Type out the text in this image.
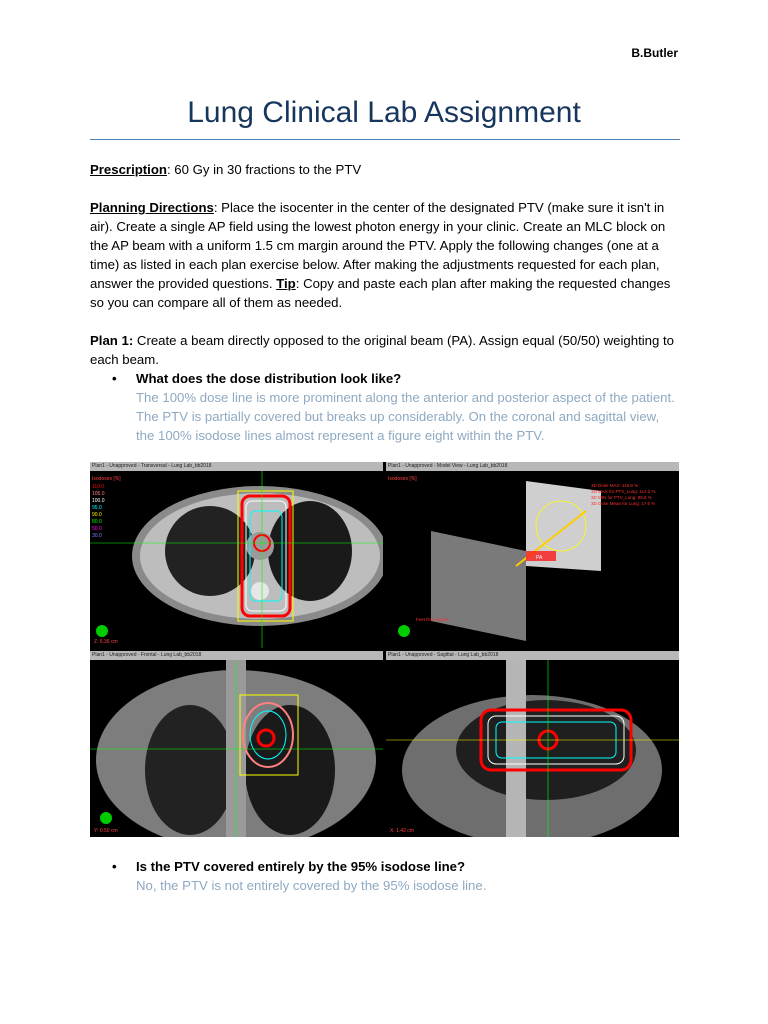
B.Butler
Lung Clinical Lab Assignment

Prescription: 60 Gy in 30 fractions to the PTV

Planning Directions: Place the isocenter in the center of the designated PTV (make sure it isn't in air). Create a single AP field using the lowest photon energy in your clinic. Create an MLC block on the AP beam with a uniform 1.5 cm margin around the PTV. Apply the following changes (one at a time) as listed in each plan exercise below. After making the adjustments requested for each plan, answer the provided questions. Tip: Copy and paste each plan after making the requested changes so you can compare all of them as needed.

Plan 1: Create a beam directly opposed to the original beam (PA). Assign equal (50/50) weighting to each beam.

• What does the dose distribution look like?
The 100% dose line is more prominent along the anterior and posterior aspect of the patient. The PTV is partially covered but breaks up considerably. On the coronal and sagittal view, the 100% isodose lines almost represent a figure eight within the PTV.
Plan1 - Unapproved - Transversal - Lung Lab_bb2018
Isodoses [%]
110.0
105.0
100.0
95.0
90.0
80.0
50.0
30.0
Z: 6.36 cm
Plan1 - Unapproved - Model View - Lung Lab_bb2018
Isodoses [%]
3D Dose MAX: 115.8 %
3D MAX for PTV_Lung: 112.2 %
3D MIN for PTV_Lung: 89.8 %
3D Dose Mean for Lung: 17.6 %
PA
Feet first-Supine
Plan1 - Unapproved - Frontal - Lung Lab_bb2018
Y: 0.50 cm
Plan1 - Unapproved - Sagittal - Lung Lab_bb2018
X: 1.42 cm
• Is the PTV covered entirely by the 95% isodose line?
No, the PTV is not entirely covered by the 95% isodose line.
